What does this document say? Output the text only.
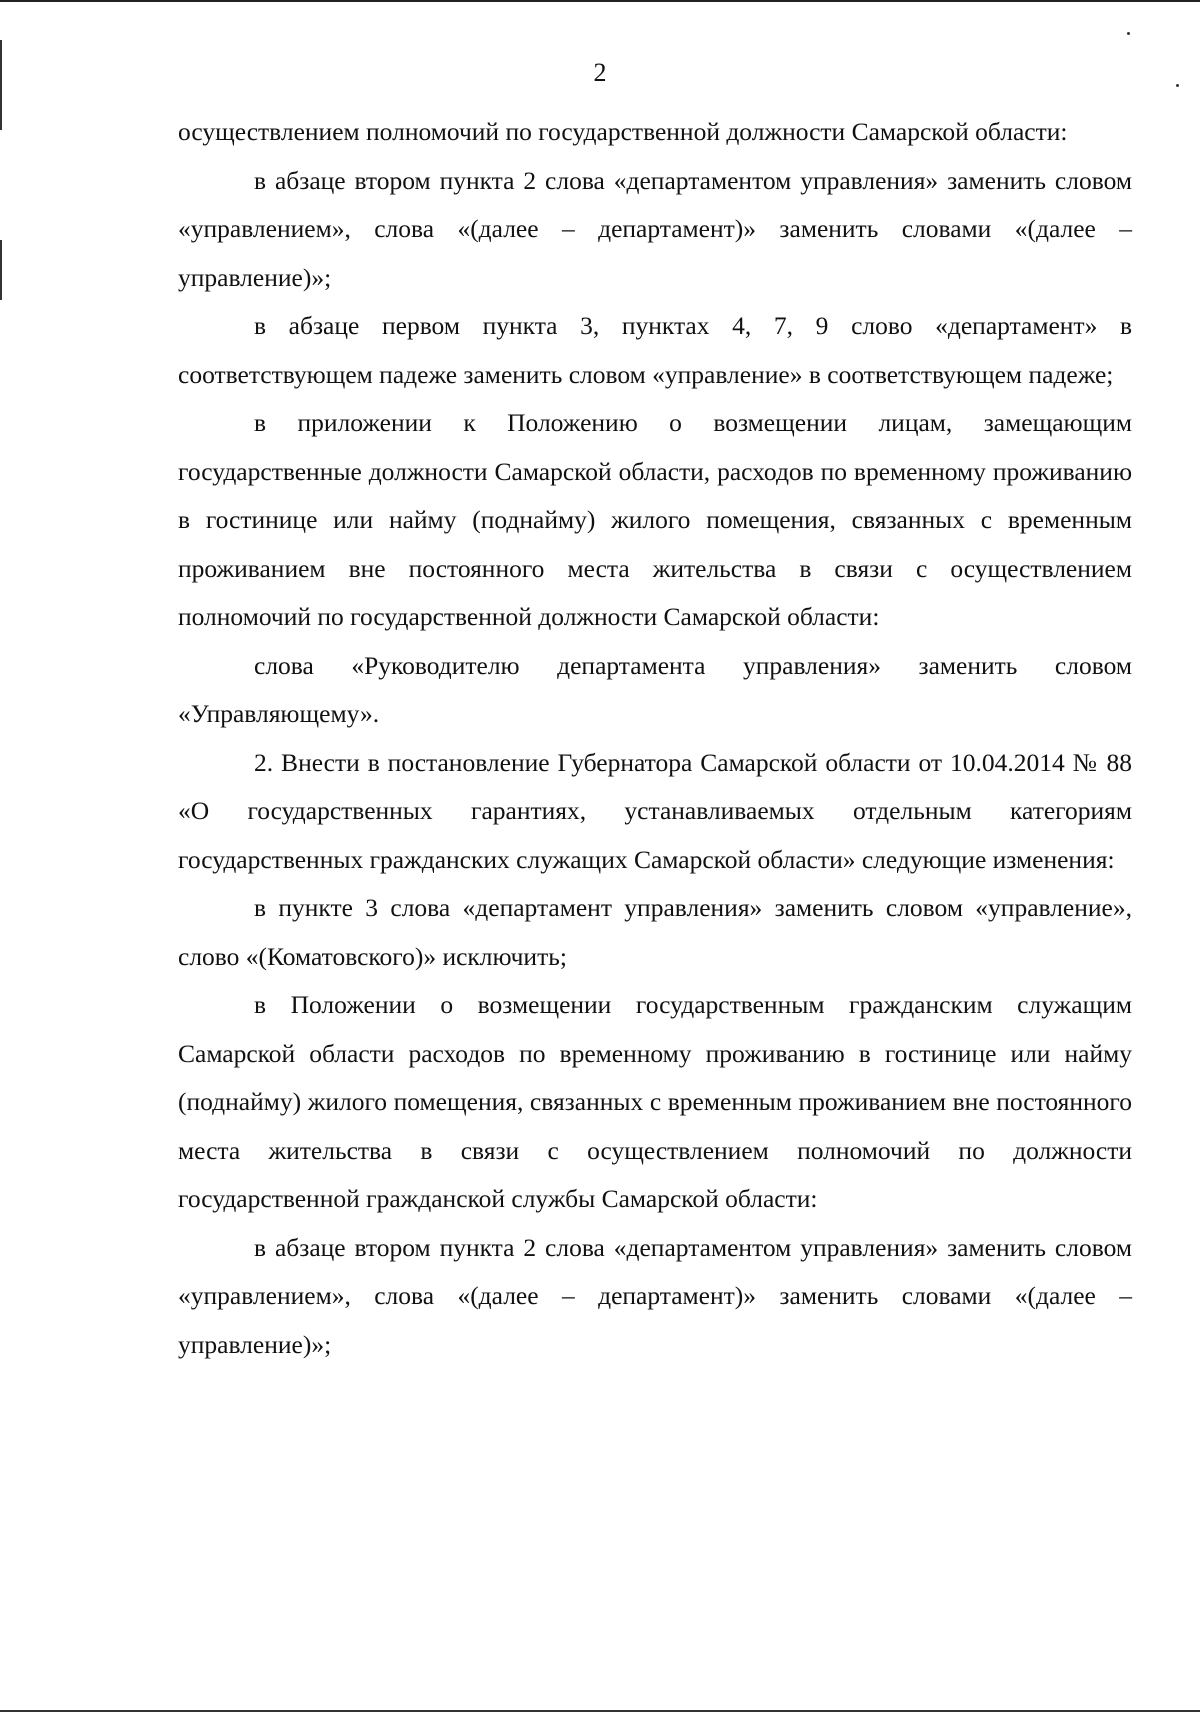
2

осуществлением полномочий по государственной должности Самарской области:

в абзаце втором пункта 2 слова «департаментом управления» заменить словом «управлением», слова «(далее – департамент)» заменить словами «(далее – управление)»;

в абзаце первом пункта 3, пунктах 4, 7, 9 слово «департамент» в соответствующем падеже заменить словом «управление» в соответствующем падеже;

в приложении к Положению о возмещении лицам, замещающим государственные должности Самарской области, расходов по временному проживанию в гостинице или найму (поднайму) жилого помещения, связанных с временным проживанием вне постоянного места жительства в связи с осуществлением полномочий по государственной должности Самарской области:

слова «Руководителю департамента управления» заменить словом «Управляющему».

2. Внести в постановление Губернатора Самарской области от 10.04.2014 № 88 «О государственных гарантиях, устанавливаемых отдельным категориям государственных гражданских служащих Самарской области» следующие изменения:

в пункте 3 слова «департамент управления» заменить словом «управление», слово «(Коматовского)» исключить;

в Положении о возмещении государственным гражданским служащим Самарской области расходов по временному проживанию в гостинице или найму (поднайму) жилого помещения, связанных с временным проживанием вне постоянного места жительства в связи с осуществлением полномочий по должности государственной гражданской службы Самарской области:

в абзаце втором пункта 2 слова «департаментом управления» заменить словом «управлением», слова «(далее – департамент)» заменить словами «(далее – управление)»;
